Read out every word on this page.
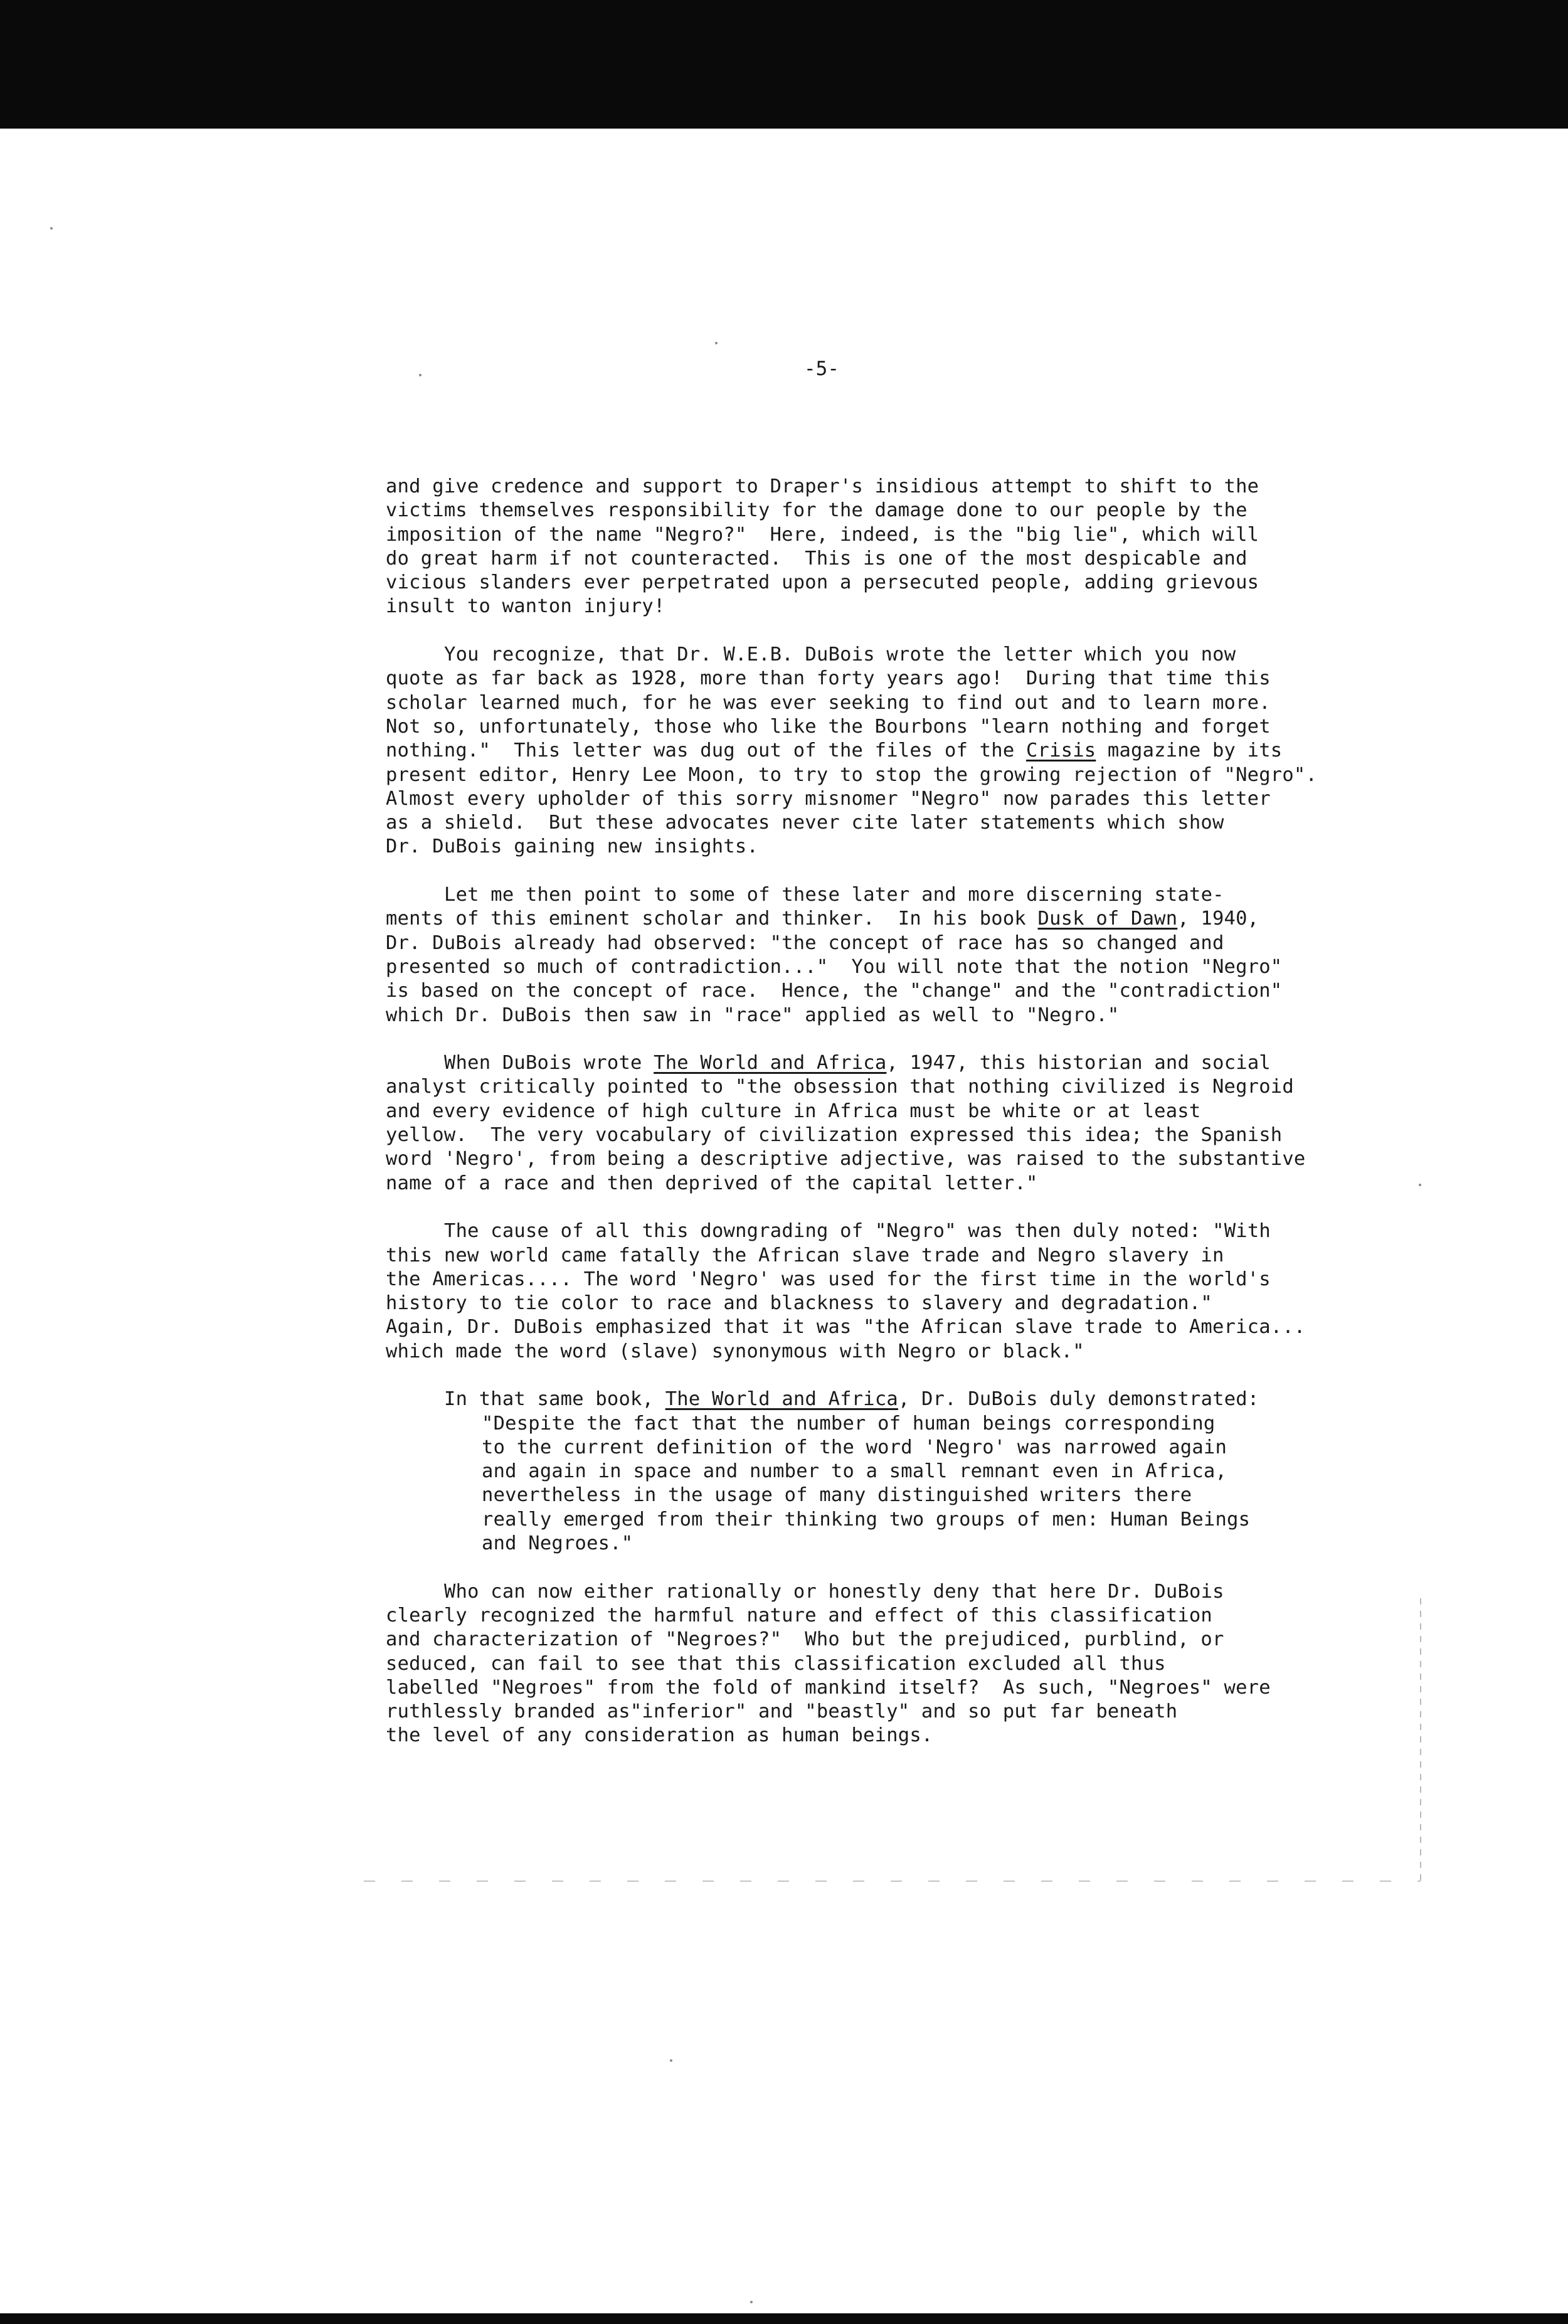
-5-
and give credence and support to Draper's insidious attempt to shift to the
victims themselves responsibility for the damage done to our people by the
imposition of the name "Negro?"  Here, indeed, is the "big lie", which will
do great harm if not counteracted.  This is one of the most despicable and
vicious slanders ever perpetrated upon a persecuted people, adding grievous
insult to wanton injury!
You recognize, that Dr. W.E.B. DuBois wrote the letter which you now
quote as far back as 1928, more than forty years ago!  During that time this
scholar learned much, for he was ever seeking to find out and to learn more.
Not so, unfortunately, those who like the Bourbons "learn nothing and forget
nothing."  This letter was dug out of the files of the Crisis magazine by its
present editor, Henry Lee Moon, to try to stop the growing rejection of "Negro".
Almost every upholder of this sorry misnomer "Negro" now parades this letter
as a shield.  But these advocates never cite later statements which show
Dr. DuBois gaining new insights.
Let me then point to some of these later and more discerning state-
ments of this eminent scholar and thinker.  In his book Dusk of Dawn, 1940,
Dr. DuBois already had observed: "the concept of race has so changed and
presented so much of contradiction..."  You will note that the notion "Negro"
is based on the concept of race.  Hence, the "change" and the "contradiction"
which Dr. DuBois then saw in "race" applied as well to "Negro."
When DuBois wrote The World and Africa, 1947, this historian and social
analyst critically pointed to "the obsession that nothing civilized is Negroid
and every evidence of high culture in Africa must be white or at least
yellow.  The very vocabulary of civilization expressed this idea; the Spanish
word 'Negro', from being a descriptive adjective, was raised to the substantive
name of a race and then deprived of the capital letter."
The cause of all this downgrading of "Negro" was then duly noted: "With
this new world came fatally the African slave trade and Negro slavery in
the Americas.... The word 'Negro' was used for the first time in the world's
history to tie color to race and blackness to slavery and degradation."
Again, Dr. DuBois emphasized that it was "the African slave trade to America...
which made the word (slave) synonymous with Negro or black."
In that same book, The World and Africa, Dr. DuBois duly demonstrated:
"Despite the fact that the number of human beings corresponding
to the current definition of the word 'Negro' was narrowed again
and again in space and number to a small remnant even in Africa,
nevertheless in the usage of many distinguished writers there
really emerged from their thinking two groups of men: Human Beings
and Negroes."
Who can now either rationally or honestly deny that here Dr. DuBois
clearly recognized the harmful nature and effect of this classification
and characterization of "Negroes?"  Who but the prejudiced, purblind, or
seduced, can fail to see that this classification excluded all thus
labelled "Negroes" from the fold of mankind itself?  As such, "Negroes" were
ruthlessly branded as"inferior" and "beastly" and so put far beneath
the level of any consideration as human beings.
